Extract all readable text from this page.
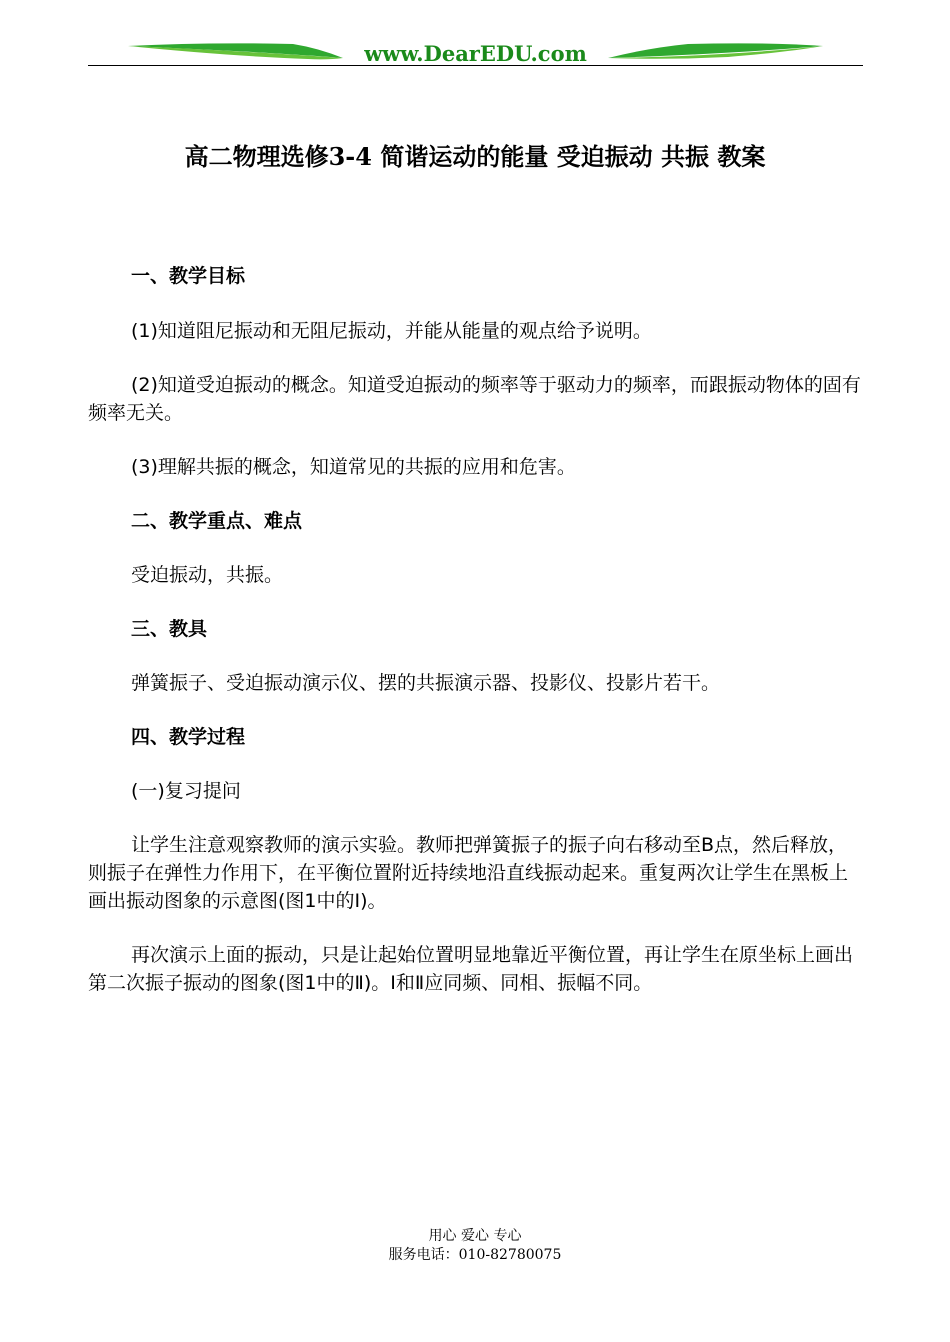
www.DearEDU.com
高二物理选修3-4 简谐运动的能量 受迫振动 共振 教案

一、教学目标

(1)知道阻尼振动和无阻尼振动，并能从能量的观点给予说明。

(2)知道受迫振动的概念。知道受迫振动的频率等于驱动力的频率，而跟振动物体的固有频率无关。

(3)理解共振的概念，知道常见的共振的应用和危害。

二、教学重点、难点

受迫振动，共振。

三、教具

弹簧振子、受迫振动演示仪、摆的共振演示器、投影仪、投影片若干。

四、教学过程

(一)复习提问

让学生注意观察教师的演示实验。教师把弹簧振子的振子向右移动至B点，然后释放，则振子在弹性力作用下，在平衡位置附近持续地沿直线振动起来。重复两次让学生在黑板上画出振动图象的示意图(图1中的Ⅰ)。

再次演示上面的振动，只是让起始位置明显地靠近平衡位置，再让学生在原坐标上画出第二次振子振动的图象(图1中的Ⅱ)。Ⅰ和Ⅱ应同频、同相、振幅不同。

用心 爱心 专心
服务电话：010-82780075
